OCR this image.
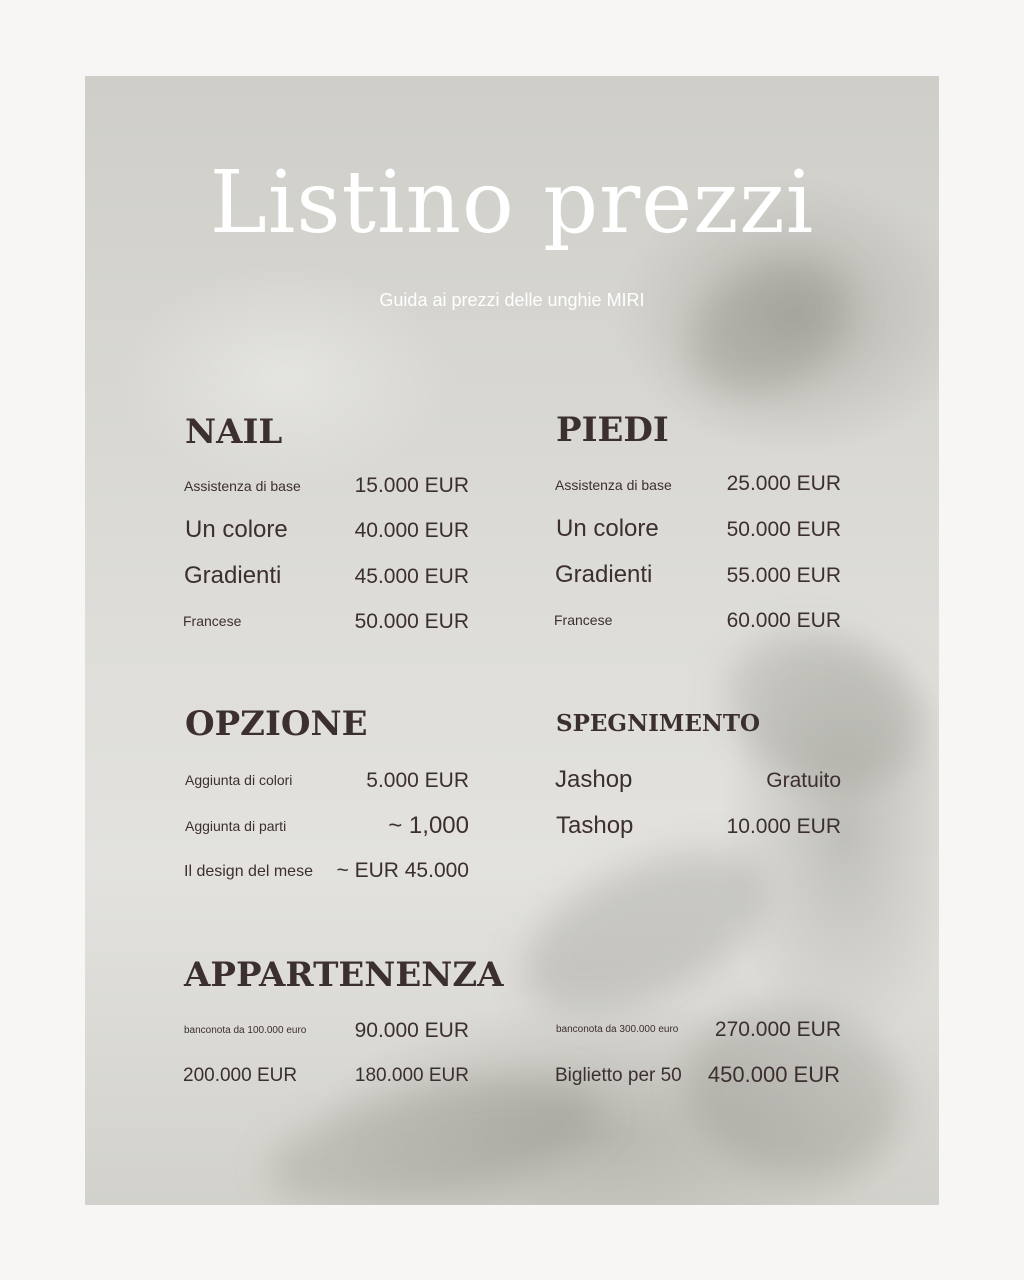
Listino prezzi
Guida ai prezzi delle unghie MIRI
NAIL
Assistenza di base	15.000 EUR
Un colore	40.000 EUR
Gradienti	45.000 EUR
Francese	50.000 EUR
PIEDI
Assistenza di base	25.000 EUR
Un colore	50.000 EUR
Gradienti	55.000 EUR
Francese	60.000 EUR
OPZIONE
Aggiunta di colori	5.000 EUR
Aggiunta di parti	~ 1,000
Il design del mese ~ EUR 45.000
SPEGNIMENTO
Jashop	Gratuito
Tashop	10.000 EUR
APPARTENENZA
banconota da 100.000 euro 90.000 EUR	banconota da 300.000 euro 270.000 EUR
200.000 EUR	180.000 EUR	Biglietto per 50 450.000 EUR
